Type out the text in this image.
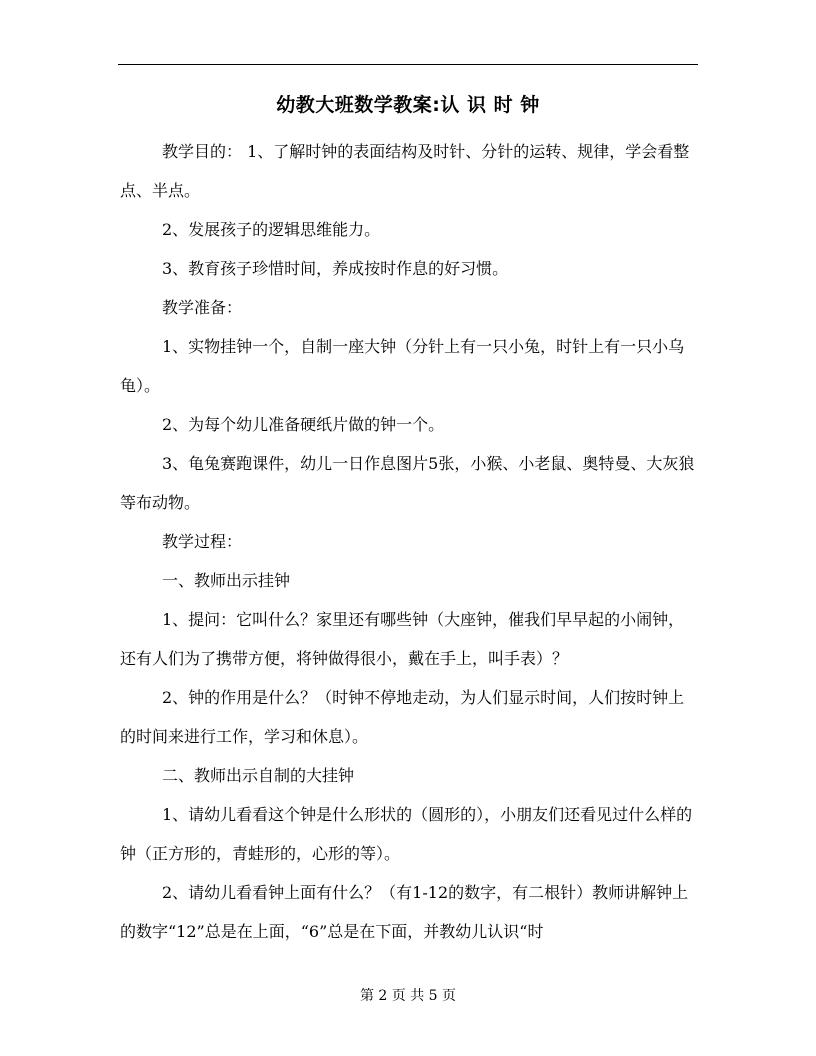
幼教大班数学教案:认 识 时 钟

教学目的： 1、了解时钟的表面结构及时针、分针的运转、规律，学会看整点、半点。

2、发展孩子的逻辑思维能力。

3、教育孩子珍惜时间，养成按时作息的好习惯。

教学准备：

1、实物挂钟一个，自制一座大钟（分针上有一只小兔，时针上有一只小乌龟）。

2、为每个幼儿准备硬纸片做的钟一个。

3、龟兔赛跑课件，幼儿一日作息图片5张，小猴、小老鼠、奥特曼、大灰狼等布动物。

教学过程：

一、教师出示挂钟

1、提问：它叫什么？家里还有哪些钟（大座钟，催我们早早起的小闹钟，还有人们为了携带方便，将钟做得很小，戴在手上，叫手表）？

2、钟的作用是什么？（时钟不停地走动，为人们显示时间，人们按时钟上的时间来进行工作，学习和休息）。

二、教师出示自制的大挂钟

1、请幼儿看看这个钟是什么形状的（圆形的），小朋友们还看见过什么样的钟（正方形的，青蛙形的，心形的等）。

2、请幼儿看看钟上面有什么？（有1-12的数字，有二根针）教师讲解钟上的数字“12”总是在上面，“6”总是在下面，并教幼儿认识“时

第 2 页 共 5 页
